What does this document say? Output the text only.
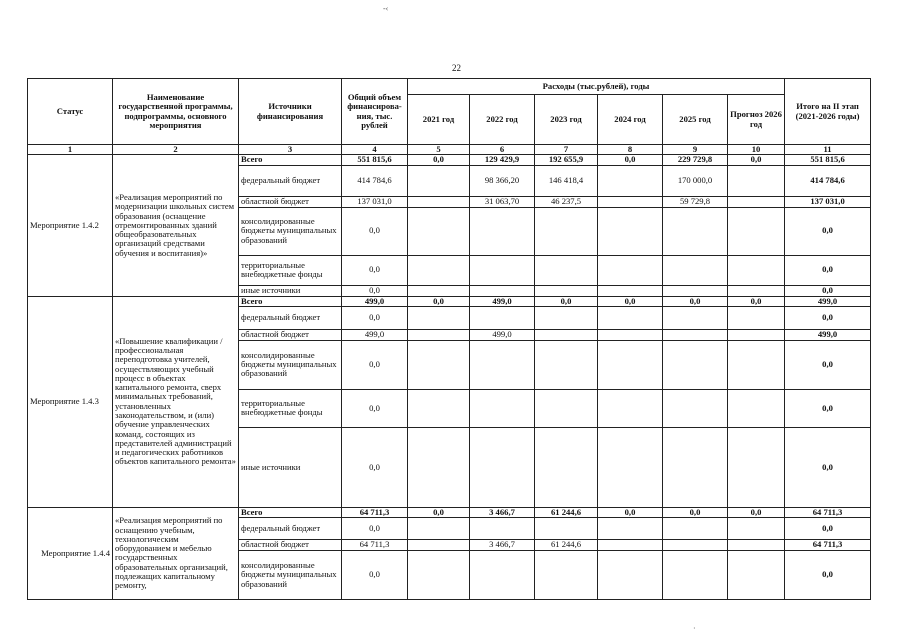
22
-‹
·
Статус	Наименование государственной программы, подпрограммы, основного мероприятия	Источники финансирования	Общий объем финансирова-ния, тыс. рублей	Расходы (тыс.рублей), годы						Итого на II этап (2021-2026 годы)
				2021 год	2022 год	2023 год	2024 год	2025 год	Прогноз 2026 год	
1	2	3	4	5	6	7	8	9	10	11
Мероприятие 1.4.2	«Реализация мероприятий по модернизации школьных систем образования (оснащение отремонтированных зданий общеобразовательных организаций средствами обучения и воспитания)»	Всего	551 815,6	0,0	129 429,9	192 655,9	0,0	229 729,8	0,0	551 815,6
		федеральный бюджет	414 784,6		98 366,20	146 418,4		170 000,0		414 784,6
		областной бюджет	137 031,0		31 063,70	46 237,5		59 729,8		137 031,0
		консолидированные бюджеты муниципальных образований	0,0							0,0
		территориальные внебюджетные фонды	0,0							0,0
		иные источники	0,0							0,0
Мероприятие 1.4.3	«Повышение квалификации / профессиональная переподготовка учителей, осуществляющих учебный процесс в объектах капитального ремонта, сверх минимальных требований, установленных законодательством, и (или) обучение управленческих команд, состоящих из представителей администраций и педагогических работников объектов капитального ремонта»	Всего	499,0	0,0	499,0	0,0	0,0	0,0	0,0	499,0
		федеральный бюджет	0,0							0,0
		областной бюджет	499,0		499,0					499,0
		консолидированные бюджеты муниципальных образований	0,0							0,0
		территориальные внебюджетные фонды	0,0							0,0
		иные источники	0,0							0,0
Мероприятие 1.4.4	«Реализация мероприятий по оснащению учебным, технологическим оборудованием и мебелью государственных образовательных организаций, подлежащих капитальному ремонту,	Всего	64 711,3	0,0	3 466,7	61 244,6	0,0	0,0	0,0	64 711,3
		федеральный бюджет	0,0							0,0
		областной бюджет	64 711,3		3 466,7	61 244,6				64 711,3
		консолидированные бюджеты муниципальных образований	0,0							0,0
